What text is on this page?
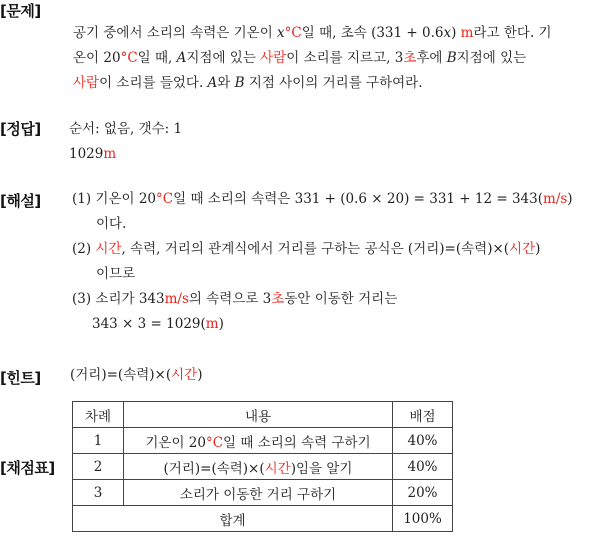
[문제]
공기 중에서 소리의 속력은 기온이 x°C일 때, 초속 (331 + 0.6x) m라고 한다. 기
온이 20°C일 때, A지점에 있는 사람이 소리를 지르고, 3초후에 B지점에 있는
사람이 소리를 들었다. A와 B 지점 사이의 거리를 구하여라.
[정답] 순서: 없음, 갯수: 1
1029m
[해설] (1) 기온이 20°C일 때 소리의 속력은 331 + (0.6 × 20) = 331 + 12 = 343(m/s)
이다.
(2) 시간, 속력, 거리의 관계식에서 거리를 구하는 공식은 (거리)=(속력)×(시간)
이므로
(3) 소리가 343m/s의 속력으로 3초동안 이동한 거리는
343 × 3 = 1029(m)
[힌트] (거리)=(속력)×(시간)
[채점표]
차례	내용	배점
1	기온이 20°C일 때 소리의 속력 구하기	40%
2	(거리)=(속력)×(시간)임을 알기	40%
3	소리가 이동한 거리 구하기	20%
합계		100%
